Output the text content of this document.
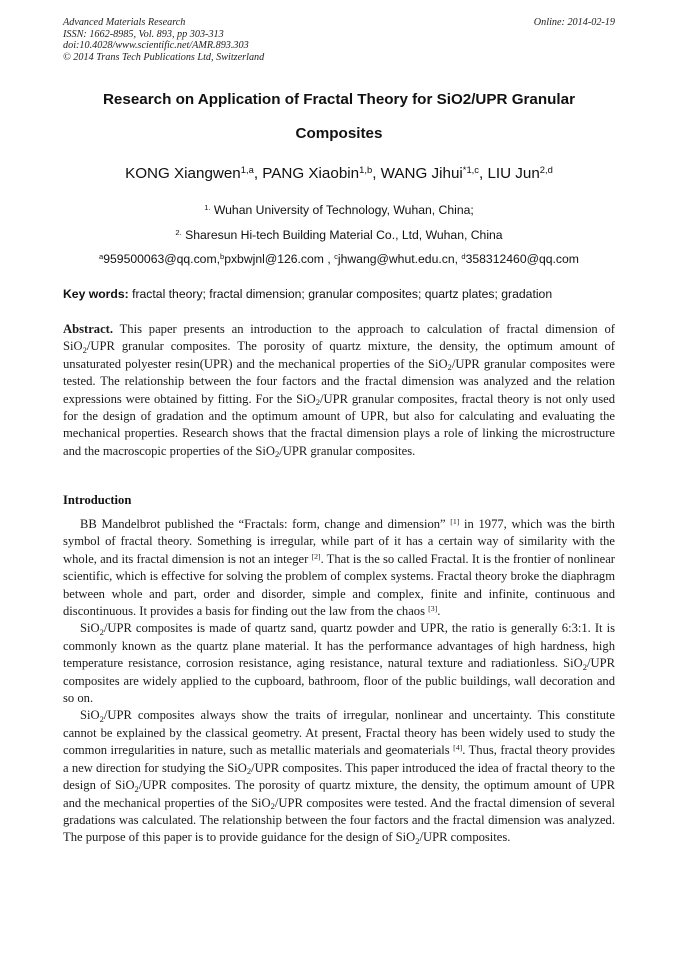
Advanced Materials Research
ISSN: 1662-8985, Vol. 893, pp 303-313
doi:10.4028/www.scientific.net/AMR.893.303
© 2014 Trans Tech Publications Ltd, Switzerland
Online: 2014-02-19
Research on Application of Fractal Theory for SiO2/UPR Granular
Composites
KONG Xiangwen$^{1,a}$, PANG Xiaobin$^{1,b}$, WANG Jihui$^{*1,c}$, LIU Jun$^{2,d}$
$^{1.}$ Wuhan University of Technology, Wuhan, China;
$^{2.}$ Sharesun Hi-tech Building Material Co., Ltd, Wuhan, China
$^a$959500063@qq.com,$^b$pxbwjnl@126.com , $^c$jhwang@whut.edu.cn, $^d$358312460@qq.com
Key words: fractal theory; fractal dimension; granular composites; quartz plates; gradation

Abstract. This paper presents an introduction to the approach to calculation of fractal dimension of SiO$_2$/UPR granular composites. The porosity of quartz mixture, the density, the optimum amount of unsaturated polyester resin(UPR) and the mechanical properties of the SiO$_2$/UPR granular composites were tested. The relationship between the four factors and the fractal dimension was analyzed and the relation expressions were obtained by fitting. For the SiO$_2$/UPR granular composites, fractal theory is not only used for the design of gradation and the optimum amount of UPR, but also for calculating and evaluating the mechanical properties. Research shows that the fractal dimension plays a role of linking the microstructure and the macroscopic properties of the SiO$_2$/UPR granular composites.

Introduction

BB Mandelbrot published the “Fractals: form, change and dimension” [1] in 1977, which was the birth symbol of fractal theory. Something is irregular, while part of it has a certain way of similarity with the whole, and its fractal dimension is not an integer [2]. That is the so called Fractal. It is the frontier of nonlinear scientific, which is effective for solving the problem of complex systems. Fractal theory broke the diaphragm between whole and part, order and disorder, simple and complex, finite and infinite, continuous and discontinuous. It provides a basis for finding out the law from the chaos [3].

SiO$_2$/UPR composites is made of quartz sand, quartz powder and UPR, the ratio is generally 6:3:1. It is commonly known as the quartz plane material. It has the performance advantages of high hardness, high temperature resistance, corrosion resistance, aging resistance, natural texture and radiationless. SiO$_2$/UPR composites are widely applied to the cupboard, bathroom, floor of the public buildings, wall decoration and so on.

SiO$_2$/UPR composites always show the traits of irregular, nonlinear and uncertainty. This constitute cannot be explained by the classical geometry. At present, Fractal theory has been widely used to study the common irregularities in nature, such as metallic materials and geomaterials [4]. Thus, fractal theory provides a new direction for studying the SiO$_2$/UPR composites. This paper introduced the idea of fractal theory to the design of SiO$_2$/UPR composites. The porosity of quartz mixture, the density, the optimum amount of UPR and the mechanical properties of the SiO$_2$/UPR composites were tested. And the fractal dimension of several gradations was calculated. The relationship between the four factors and the fractal dimension was analyzed. The purpose of this paper is to provide guidance for the design of SiO$_2$/UPR composites.
